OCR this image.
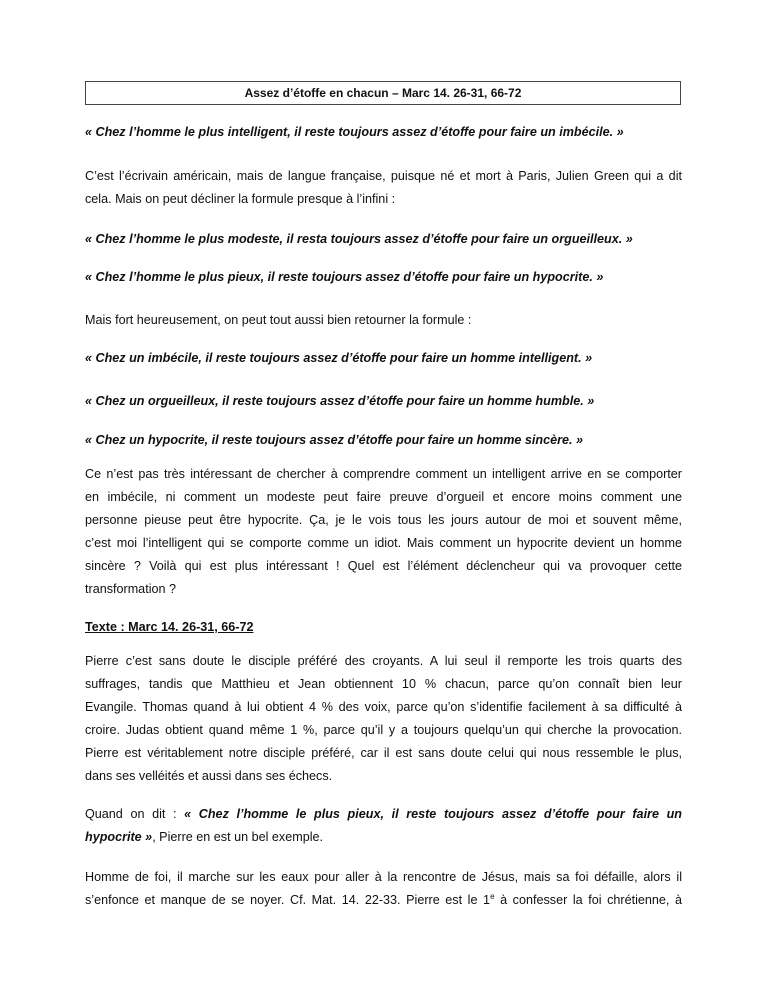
Assez d’étoffe en chacun – Marc 14. 26-31, 66-72

« Chez l’homme le plus intelligent, il reste toujours assez d’étoffe pour faire un imbécile. »

C’est l’écrivain américain, mais de langue française, puisque né et mort à Paris, Julien Green qui a dit
cela. Mais on peut décliner la formule presque à l’infini :

« Chez l’homme le plus modeste, il resta toujours assez d’étoffe pour faire un orgueilleux. »

« Chez l’homme le plus pieux, il reste toujours assez d’étoffe pour faire un hypocrite. »

Mais fort heureusement, on peut tout aussi bien retourner la formule :

« Chez un imbécile, il reste toujours assez d’étoffe pour faire un homme intelligent. »

« Chez un orgueilleux, il reste toujours assez d’étoffe pour faire un homme humble. »

« Chez un hypocrite, il reste toujours assez d’étoffe pour faire un homme sincère. »

Ce n’est pas très intéressant de chercher à comprendre comment un intelligent arrive en se comporter
en imbécile, ni comment un modeste peut faire preuve d’orgueil et encore moins comment une
personne pieuse peut être hypocrite. Ça, je le vois tous les jours autour de moi et souvent même,
c’est moi l’intelligent qui se comporte comme un idiot. Mais comment un hypocrite devient un homme
sincère ? Voilà qui est plus intéressant ! Quel est l’élément déclencheur qui va provoquer cette
transformation ?

Texte : Marc 14. 26-31, 66-72

Pierre c’est sans doute le disciple préféré des croyants. A lui seul il remporte les trois quarts des
suffrages, tandis que Matthieu et Jean obtiennent 10 % chacun, parce qu’on connaît bien leur
Evangile. Thomas quand à lui obtient 4 % des voix, parce qu’on s’identifie facilement à sa difficulté à
croire. Judas obtient quand même 1 %, parce qu’il y a toujours quelqu’un qui cherche la provocation.
Pierre est véritablement notre disciple préféré, car il est sans doute celui qui nous ressemble le plus,
dans ses velléités et aussi dans ses échecs.

Quand on dit : « Chez l’homme le plus pieux, il reste toujours assez d’étoffe pour faire un
hypocrite », Pierre en est un bel exemple.

Homme de foi, il marche sur les eaux pour aller à la rencontre de Jésus, mais sa foi défaille, alors il
s’enfonce et manque de se noyer. Cf. Mat. 14. 22-33. Pierre est le 1e à confesser la foi chrétienne, à
